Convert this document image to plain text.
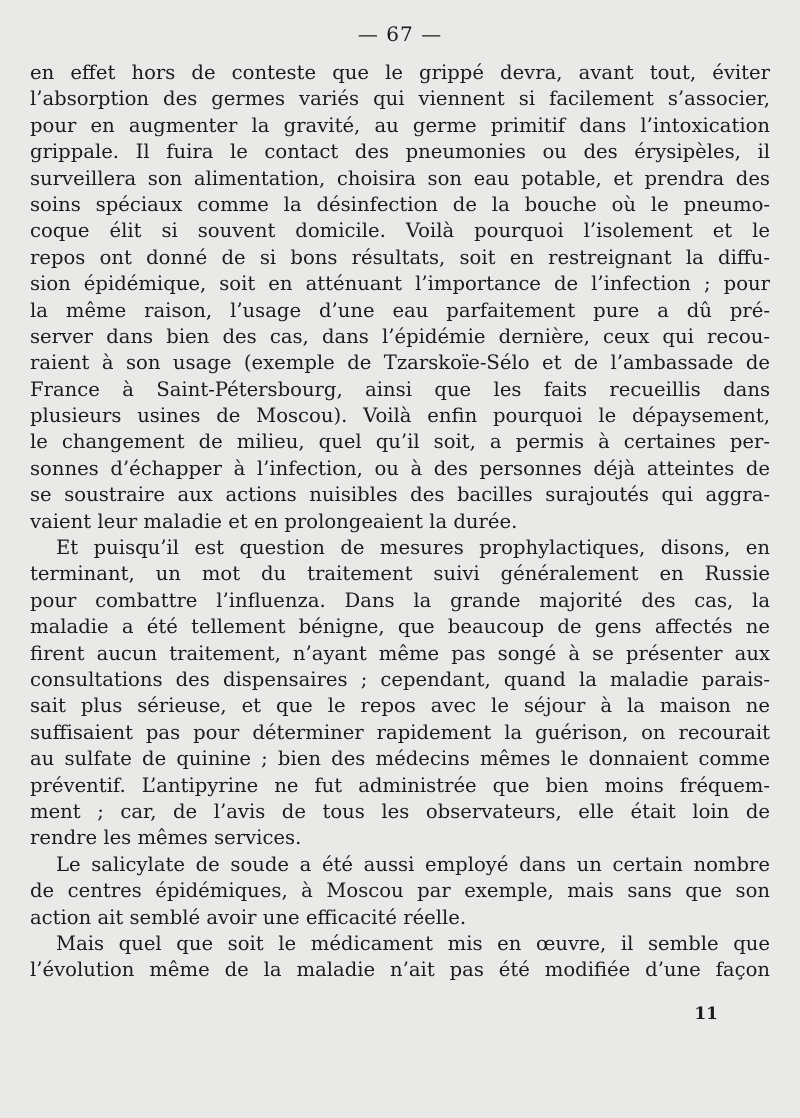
— 67 —
en effet hors de conteste que le grippé devra, avant tout, éviter
l’absorption des germes variés qui viennent si facilement s’associer,
pour en augmenter la gravité, au germe primitif dans l’intoxication
grippale. Il fuira le contact des pneumonies ou des érysipèles, il
surveillera son alimentation, choisira son eau potable, et prendra des
soins spéciaux comme la désinfection de la bouche où le pneumo-
coque élit si souvent domicile. Voilà pourquoi l’isolement et le
repos ont donné de si bons résultats, soit en restreignant la diffu-
sion épidémique, soit en atténuant l’importance de l’infection ; pour
la même raison, l’usage d’une eau parfaitement pure a dû pré-
server dans bien des cas, dans l’épidémie dernière, ceux qui recou-
raient à son usage (exemple de Tzarskoïe-Sélo et de l’ambassade de
France à Saint-Pétersbourg, ainsi que les faits recueillis dans
plusieurs usines de Moscou). Voilà enfin pourquoi le dépaysement,
le changement de milieu, quel qu’il soit, a permis à certaines per-
sonnes d’échapper à l’infection, ou à des personnes déjà atteintes de
se soustraire aux actions nuisibles des bacilles surajoutés qui aggra-
vaient leur maladie et en prolongeaient la durée.
Et puisqu’il est question de mesures prophylactiques, disons, en
terminant, un mot du traitement suivi généralement en Russie
pour combattre l’influenza. Dans la grande majorité des cas, la
maladie a été tellement bénigne, que beaucoup de gens affectés ne
firent aucun traitement, n’ayant même pas songé à se présenter aux
consultations des dispensaires ; cependant, quand la maladie parais-
sait plus sérieuse, et que le repos avec le séjour à la maison ne
suffisaient pas pour déterminer rapidement la guérison, on recourait
au sulfate de quinine ; bien des médecins mêmes le donnaient comme
préventif. L’antipyrine ne fut administrée que bien moins fréquem-
ment ; car, de l’avis de tous les observateurs, elle était loin de
rendre les mêmes services.
Le salicylate de soude a été aussi employé dans un certain nombre
de centres épidémiques, à Moscou par exemple, mais sans que son
action ait semblé avoir une efficacité réelle.
Mais quel que soit le médicament mis en œuvre, il semble que
l’évolution même de la maladie n’ait pas été modifiée d’une façon
11
